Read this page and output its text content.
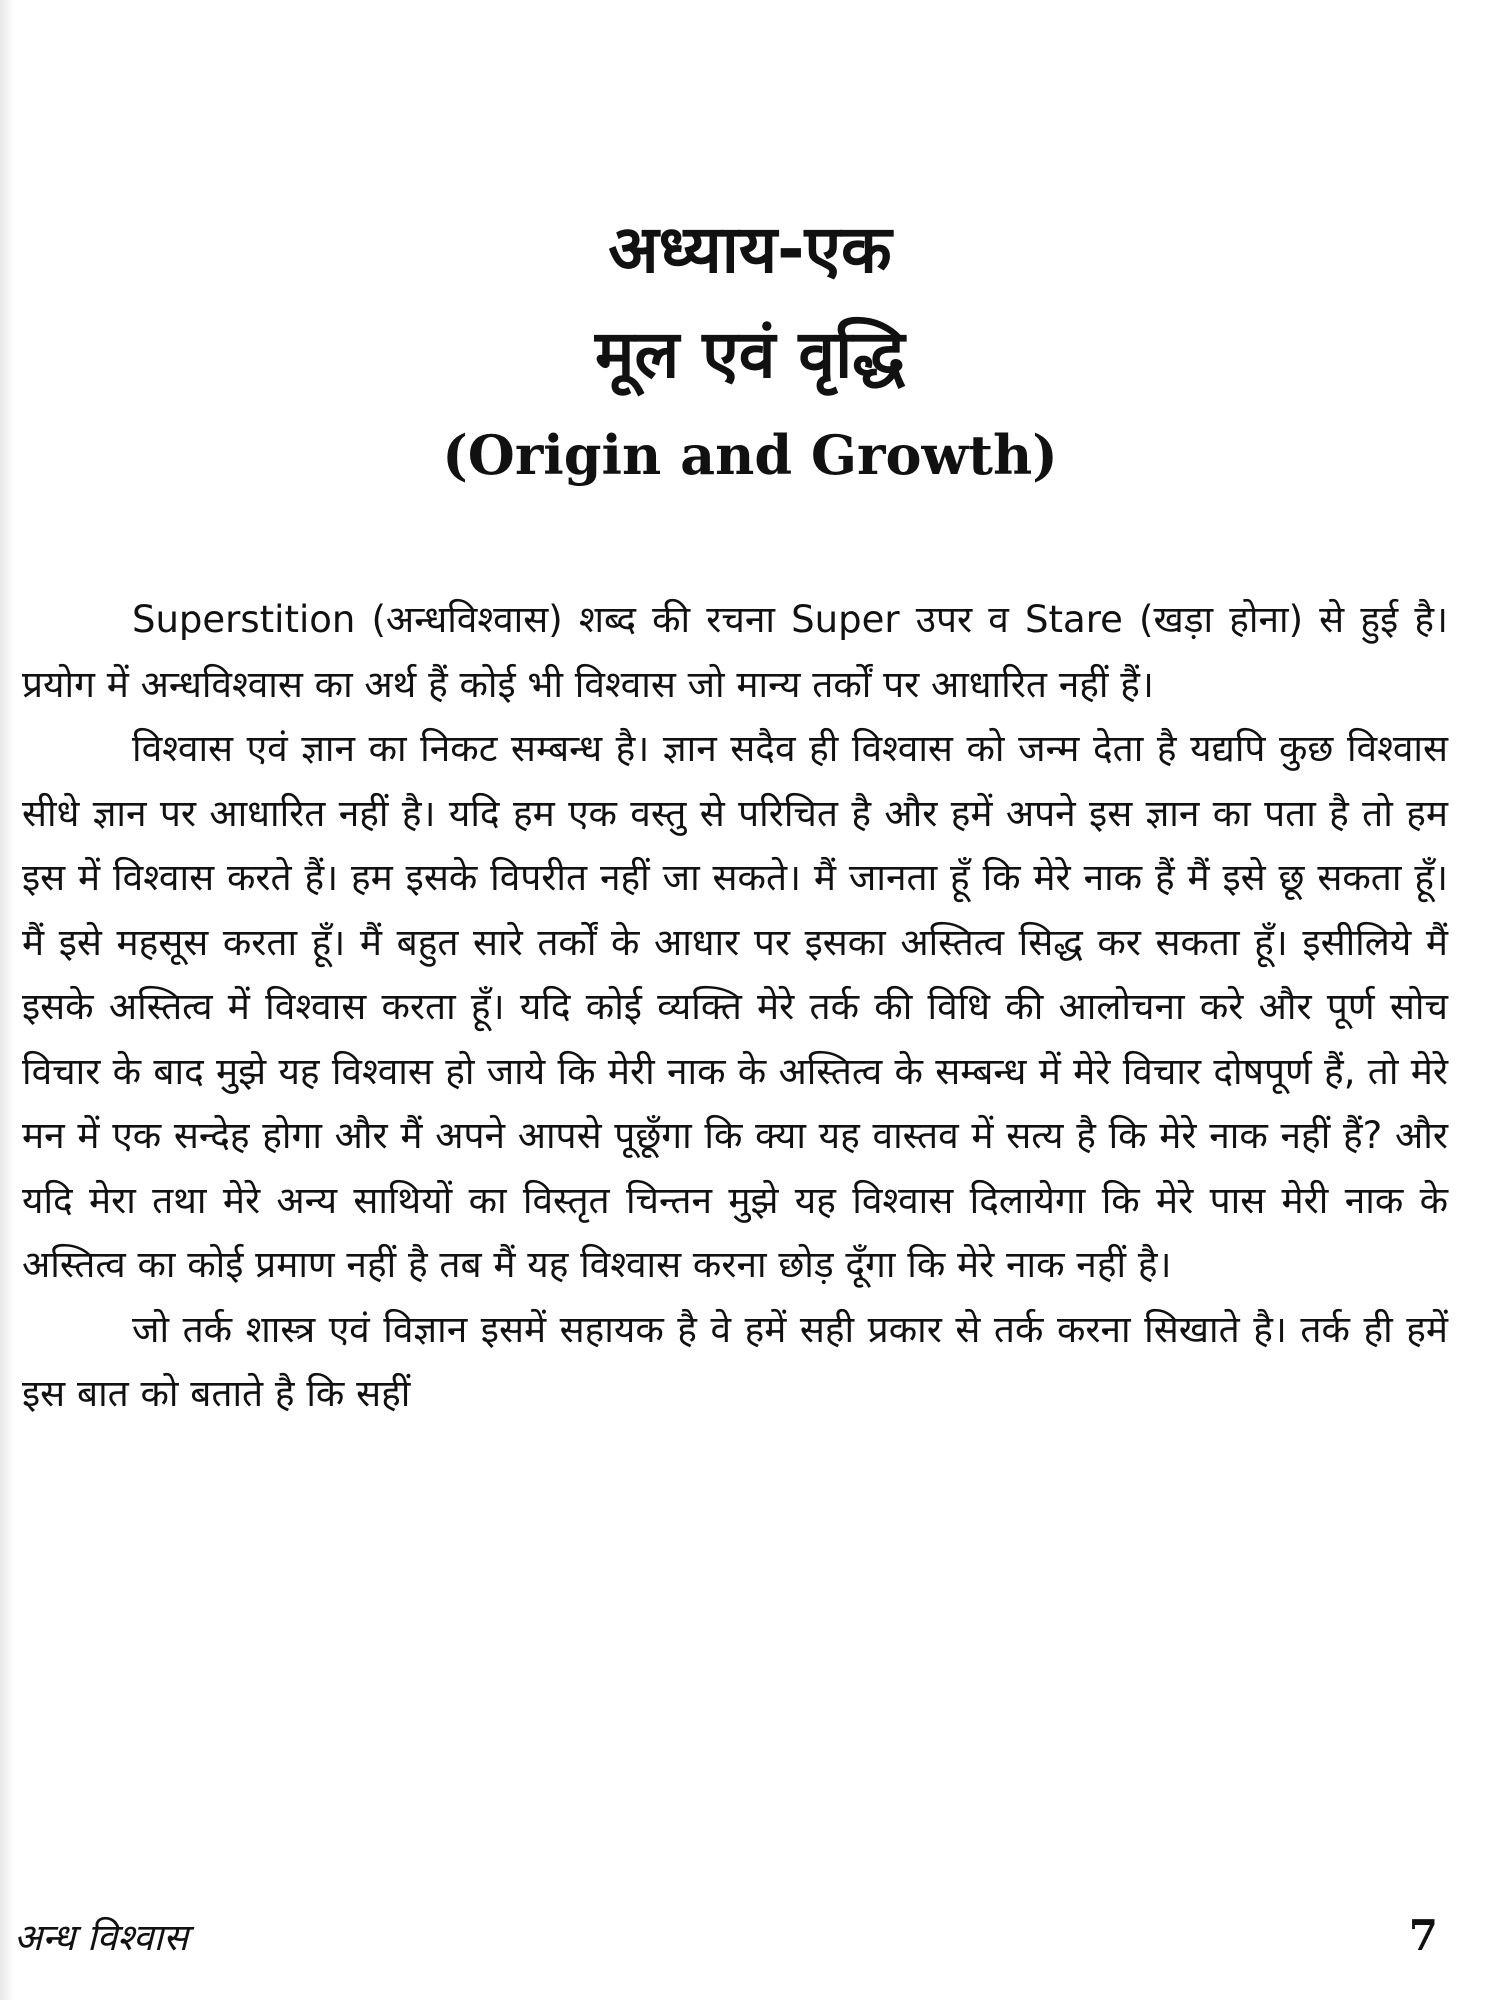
अध्याय-एक
मूल एवं वृद्धि
(Origin and Growth)

Superstition (अन्धविश्वास) शब्द की रचना Super उपर व Stare (खड़ा होना) से हुई है। प्रयोग में अन्धविश्वास का अर्थ हैं कोई भी विश्वास जो मान्य तर्कों पर आधारित नहीं हैं।

विश्वास एवं ज्ञान का निकट सम्बन्ध है। ज्ञान सदैव ही विश्वास को जन्म देता है यद्यपि कुछ विश्वास सीधे ज्ञान पर आधारित नहीं है। यदि हम एक वस्तु से परिचित है और हमें अपने इस ज्ञान का पता है तो हम इस में विश्वास करते हैं। हम इसके विपरीत नहीं जा सकते। मैं जानता हूँ कि मेरे नाक हैं मैं इसे छू सकता हूँ। मैं इसे महसूस करता हूँ। मैं बहुत सारे तर्कों के आधार पर इसका अस्तित्व सिद्ध कर सकता हूँ। इसीलिये मैं इसके अस्तित्व में विश्वास करता हूँ। यदि कोई व्यक्ति मेरे तर्क की विधि की आलोचना करे और पूर्ण सोच विचार के बाद मुझे यह विश्वास हो जाये कि मेरी नाक के अस्तित्व के सम्बन्ध में मेरे विचार दोषपूर्ण हैं, तो मेरे मन में एक सन्देह होगा और मैं अपने आपसे पूछूँगा कि क्या यह वास्तव में सत्य है कि मेरे नाक नहीं हैं? और यदि मेरा तथा मेरे अन्य साथियों का विस्तृत चिन्तन मुझे यह विश्वास दिलायेगा कि मेरे पास मेरी नाक के अस्तित्व का कोई प्रमाण नहीं है तब मैं यह विश्वास करना छोड़ दूँगा कि मेरे नाक नहीं है।

जो तर्क शास्त्र एवं विज्ञान इसमें सहायक है वे हमें सही प्रकार से तर्क करना सिखाते है। तर्क ही हमें इस बात को बताते है कि सहीं

अन्ध विश्वास	7
